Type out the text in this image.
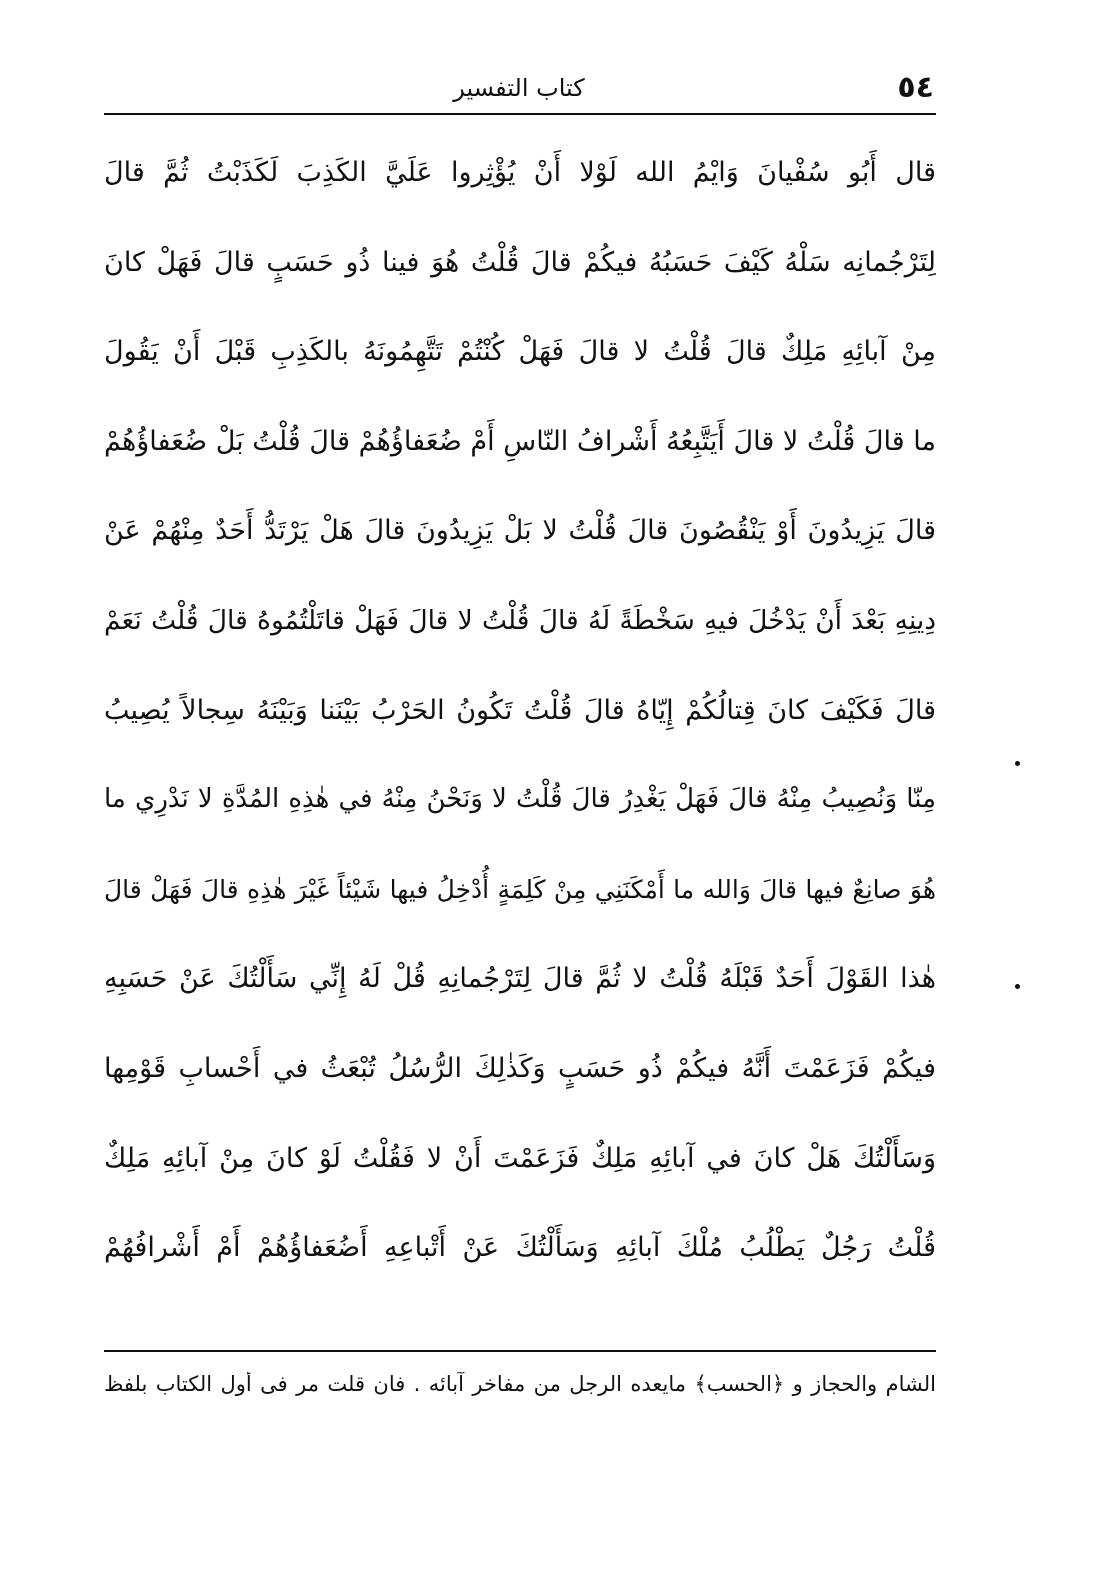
٥٤
كتاب التفسير
قال أَبُو سُفْيانَ وَايْمُ الله لَوْلا أَنْ يُؤْثِروا عَلَيَّ الكَذِبَ لَكَذَبْتُ ثُمَّ قالَ
لِتَرْجُمانِه سَلْهُ كَيْفَ حَسَبُهُ فيكُمْ قالَ قُلْتُ هُوَ فينا ذُو حَسَبٍ قالَ فَهَلْ كانَ
مِنْ آبائِهِ مَلِكٌ قالَ قُلْتُ لا قالَ فَهَلْ كُنْتُمْ تَتَّهِمُونَهُ بالكَذِبِ قَبْلَ أَنْ يَقُولَ
ما قالَ قُلْتُ لا قالَ أَيَتَّبِعُهُ أَشْرافُ النّاسِ أَمْ ضُعَفاؤُهُمْ قالَ قُلْتُ بَلْ ضُعَفاؤُهُمْ
قالَ يَزِيدُونَ أَوْ يَنْقُصُونَ قالَ قُلْتُ لا بَلْ يَزِيدُونَ قالَ هَلْ يَرْتَدُّ أَحَدٌ مِنْهُمْ عَنْ
دِينِهِ بَعْدَ أَنْ يَدْخُلَ فيهِ سَخْطَةً لَهُ قالَ قُلْتُ لا قالَ فَهَلْ قاتَلْتُمُوهُ قالَ قُلْتُ نَعَمْ
قالَ فَكَيْفَ كانَ قِتالُكُمْ إِيّاهُ قالَ قُلْتُ تَكُونُ الحَرْبُ بَيْنَنا وَبَيْنَهُ سِجالاً يُصِيبُ
مِنّا وَنُصِيبُ مِنْهُ قالَ فَهَلْ يَغْدِرُ قالَ قُلْتُ لا وَنَحْنُ مِنْهُ في هٰذِهِ المُدَّةِ لا نَدْرِي ما
هُوَ صانِعٌ فيها قالَ وَالله ما أَمْكَنَنِي مِنْ كَلِمَةٍ أُدْخِلُ فيها شَيْئاً غَيْرَ هٰذِهِ قالَ فَهَلْ قالَ
هٰذا القَوْلَ أَحَدٌ قَبْلَهُ قُلْتُ لا ثُمَّ قالَ لِتَرْجُمانِهِ قُلْ لَهُ إِنِّي سَأَلْتُكَ عَنْ حَسَبِهِ
فيكُمْ فَزَعَمْتَ أَنَّهُ فيكُمْ ذُو حَسَبٍ وَكَذٰلِكَ الرُّسُلُ تُبْعَثُ في أَحْسابِ قَوْمِها
وَسَأَلْتُكَ هَلْ كانَ في آبائِهِ مَلِكٌ فَزَعَمْتَ أَنْ لا فَقُلْتُ لَوْ كانَ مِنْ آبائِهِ مَلِكٌ
قُلْتُ رَجُلٌ يَطْلُبُ مُلْكَ آبائِهِ وَسَأَلْتُكَ عَنْ أَتْباعِهِ أَضُعَفاؤُهُمْ أَمْ أَشْرافُهُمْ
الشام والحجاز و ﴿الحسب﴾ مايعده الرجل من مفاخر آبائه . فان قلت مر فى أول الكتاب بلفظ
